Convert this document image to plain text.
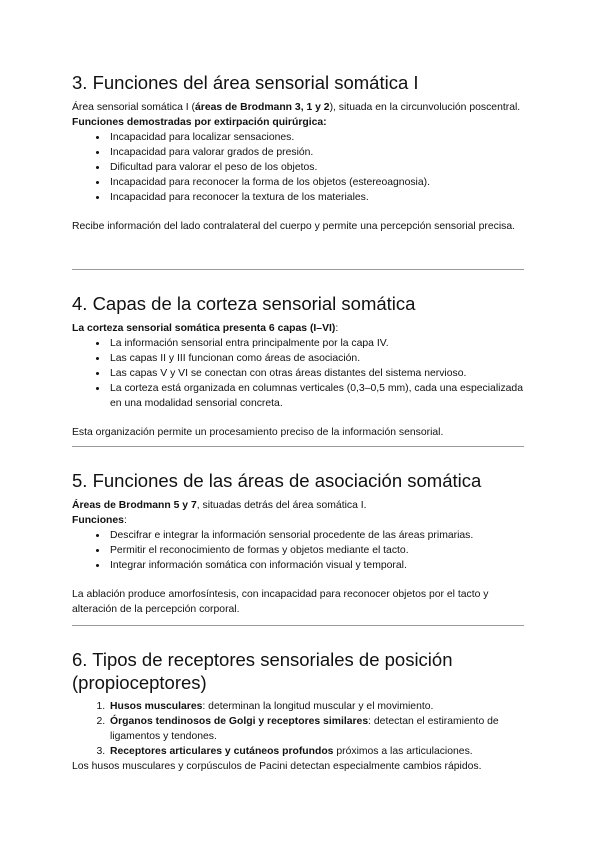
3. Funciones del área sensorial somática I

Área sensorial somática I (áreas de Brodmann 3, 1 y 2), situada en la circunvolución poscentral.

Funciones demostradas por extirpación quirúrgica:

• Incapacidad para localizar sensaciones.
• Incapacidad para valorar grados de presión.
• Dificultad para valorar el peso de los objetos.
• Incapacidad para reconocer la forma de los objetos (estereoagnosia).
• Incapacidad para reconocer la textura de los materiales.

Recibe información del lado contralateral del cuerpo y permite una percepción sensorial precisa.

4. Capas de la corteza sensorial somática

La corteza sensorial somática presenta 6 capas (I–VI):

• La información sensorial entra principalmente por la capa IV.
• Las capas II y III funcionan como áreas de asociación.
• Las capas V y VI se conectan con otras áreas distantes del sistema nervioso.
• La corteza está organizada en columnas verticales (0,3–0,5 mm), cada una especializada en una modalidad sensorial concreta.

Esta organización permite un procesamiento preciso de la información sensorial.

5. Funciones de las áreas de asociación somática

Áreas de Brodmann 5 y 7, situadas detrás del área somática I.

Funciones:

• Descifrar e integrar la información sensorial procedente de las áreas primarias.
• Permitir el reconocimiento de formas y objetos mediante el tacto.
• Integrar información somática con información visual y temporal.

La ablación produce amorfosíntesis, con incapacidad para reconocer objetos por el tacto y alteración de la percepción corporal.

6. Tipos de receptores sensoriales de posición (propioceptores)
1. Husos musculares: determinan la longitud muscular y el movimiento.
2. Órganos tendinosos de Golgi y receptores similares: detectan el estiramiento de ligamentos y tendones.
3. Receptores articulares y cutáneos profundos próximos a las articulaciones.

Los husos musculares y corpúsculos de Pacini detectan especialmente cambios rápidos.
